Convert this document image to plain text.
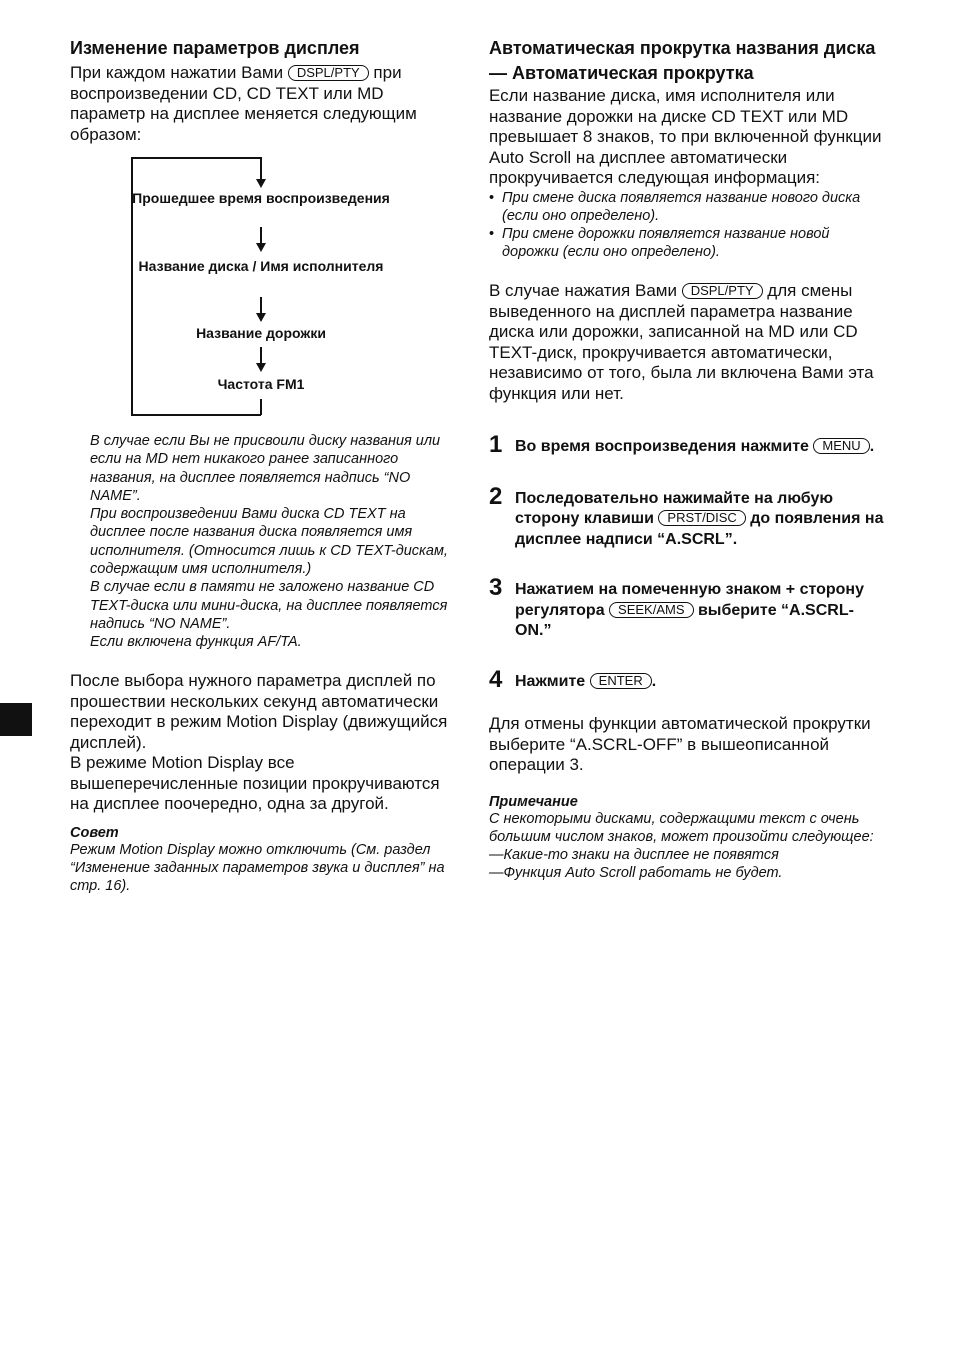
Изменение параметров дисплея

При каждом нажатии Вами DSPL/PTY при воспроизведении CD, CD TEXT или MD параметр на дисплее меняется следующим образом:

Прошедшее время воспроизведения
Название диска / Имя исполнителя
Название дорожки
Частота FM1
В случае если Вы не присвоили диску названия или если на MD нет никакого ранее записанного названия, на дисплее появляется надпись “NO NAME”.
При воспроизведении Вами диска CD TEXT на дисплее после названия диска появляется имя исполнителя. (Относится лишь к CD TEXT-дискам, содержащим имя исполнителя.)
В случае если в памяти не заложено название CD TEXT-диска или мини-диска, на дисплее появляется надпись “NO NAME”.
Если включена функция AF/TA.

После выбора нужного параметра дисплей по прошествии нескольких секунд автоматически переходит в режим Motion Display (движущийся дисплей).

В режиме Motion Display все вышеперечисленные позиции прокручиваются на дисплее поочередно, одна за другой.

Совет
Режим Motion Display можно отключить (См. раздел “Изменение заданных параметров звука и дисплея” на стр. 16).
Автоматическая прокрутка названия диска
— Автоматическая прокрутка

Если название диска, имя исполнителя или название дорожки на диске CD TEXT или MD превышает 8 знаков, то при включенной функции Auto Scroll на дисплее автоматически прокручивается следующая информация:

• При смене диска появляется название нового диска (если оно определено).
• При смене дорожки появляется название новой дорожки (если оно определено).

В случае нажатия Вами DSPL/PTY для смены выведенного на дисплей параметра название диска или дорожки, записанной на MD или CD TEXT-диск, прокручивается автоматически, независимо от того, была ли включена Вами эта функция или нет.

1 Во время воспроизведения нажмите MENU .
2 Последовательно нажимайте на любую сторону клавиши PRST/DISC до появления на дисплее надписи “A.SCRL”.
3 Нажатием на помеченную знаком + сторону регулятора SEEK/AMS выберите “A.SCRL-ON.”
4 Нажмите ENTER .

Для отмены функции автоматической прокрутки выберите “A.SCRL-OFF” в вышеописанной операции 3.

Примечание
С некоторыми дисками, содержащими текст с очень большим числом знаков, может произойти следующее:
—Какие-то знаки на дисплее не появятся
—Функция Auto Scroll работать не будет.
